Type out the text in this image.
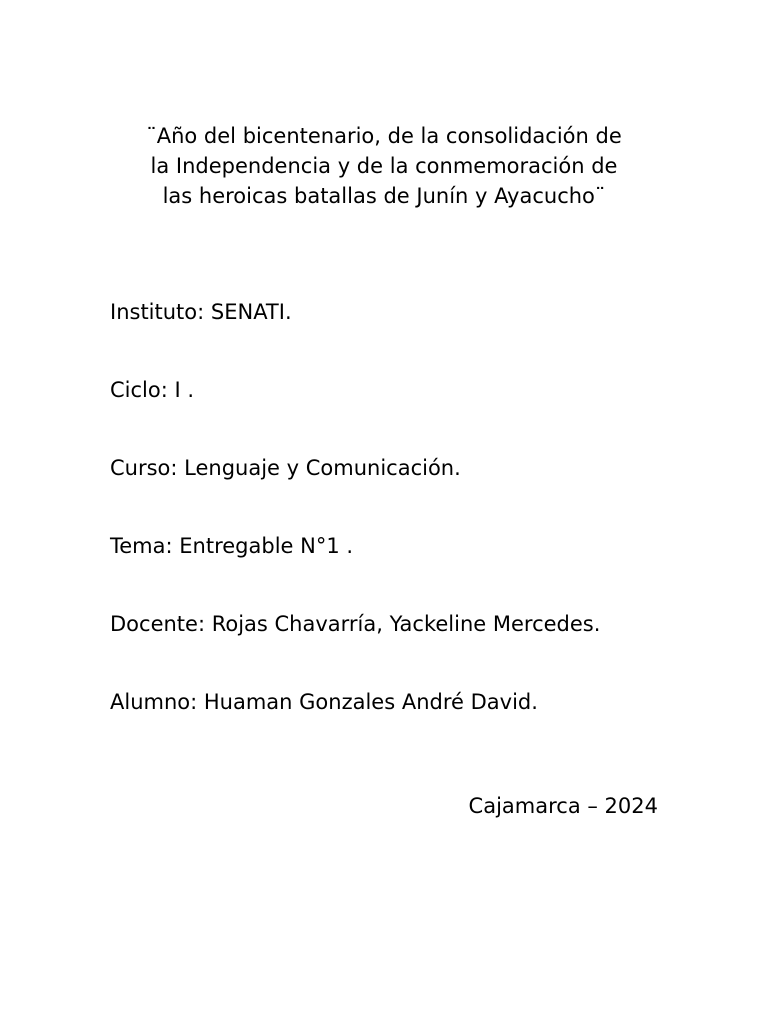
¨Año del bicentenario, de la consolidación de
la Independencia y de la conmemoración de
las heroicas batallas de Junín y Ayacucho¨
Instituto: SENATI.
Ciclo: I .
Curso: Lenguaje y Comunicación.
Tema: Entregable N°1 .
Docente: Rojas Chavarría, Yackeline Mercedes.
Alumno: Huaman Gonzales André David.
Cajamarca – 2024
